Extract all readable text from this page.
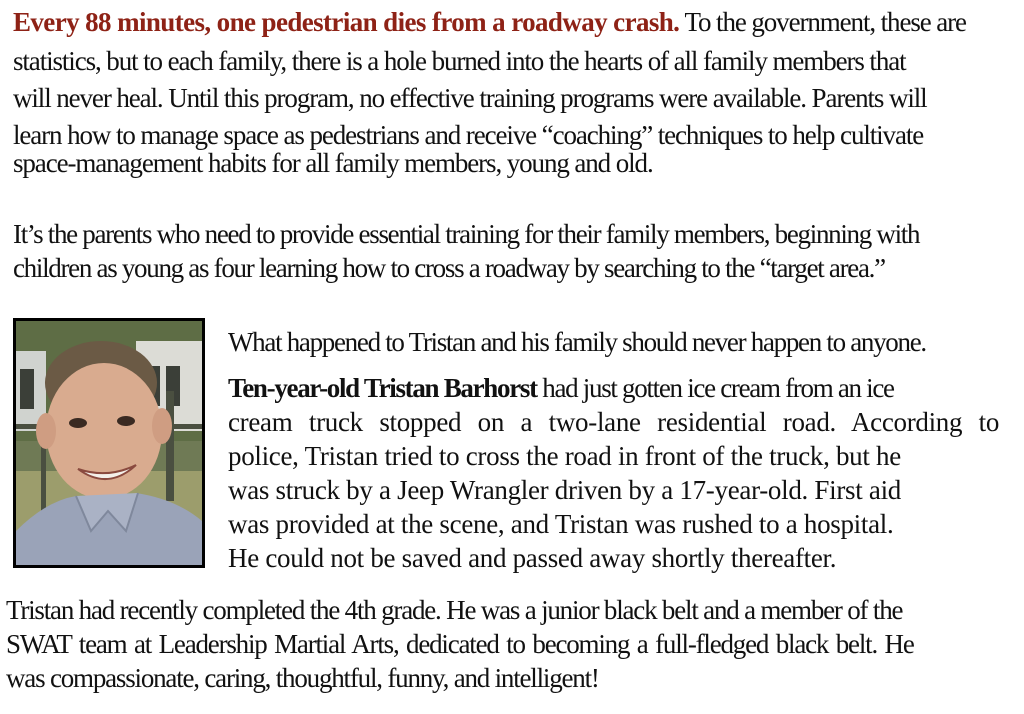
Every 88 minutes, one pedestrian dies from a roadway crash. To the government, these are
statistics, but to each family, there is a hole burned into the hearts of all family members that
will never heal. Until this program, no effective training programs were available. Parents will
learn how to manage space as pedestrians and receive “coaching” techniques to help cultivate
space-management habits for all family members, young and old.
It’s the parents who need to provide essential training for their family members, beginning with
children as young as four learning how to cross a roadway by searching to the “target area.”
What happened to Tristan and his family should never happen to anyone.
Ten-year-old Tristan Barhorst had just gotten ice cream from an ice
cream truck stopped on a two-lane residential road. According to
police, Tristan tried to cross the road in front of the truck, but he
was struck by a Jeep Wrangler driven by a 17-year-old. First aid
was provided at the scene, and Tristan was rushed to a hospital.
He could not be saved and passed away shortly thereafter.
Tristan had recently completed the 4th grade. He was a junior black belt and a member of the
SWAT team at Leadership Martial Arts, dedicated to becoming a full-fledged black belt. He
was compassionate, caring, thoughtful, funny, and intelligent!
